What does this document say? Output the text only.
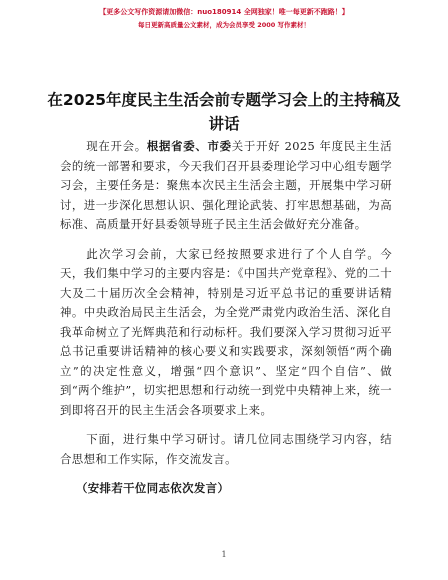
【更多公文写作资源请加微信：nuo180914 全网独家！唯一每更新不跑路！】
每日更新高质量公文素材，成为会员享受 2000 写作素材！
在2025年度民主生活会前专题学习会上的主持稿及讲话

现在开会。根据省委、市委关于开好 2025 年度民主生活会的统一部署和要求，今天我们召开县委理论学习中心组专题学习会，主要任务是：聚焦本次民主生活会主题，开展集中学习研讨，进一步深化思想认识、强化理论武装、打牢思想基础，为高标准、高质量开好县委领导班子民主生活会做好充分准备。

此次学习会前，大家已经按照要求进行了个人自学。今天，我们集中学习的主要内容是：《中国共产党章程》、党的二十大及二十届历次全会精神，特别是习近平总书记的重要讲话精神。中央政治局民主生活会，为全党严肃党内政治生活、深化自我革命树立了光辉典范和行动标杆。我们要深入学习贯彻习近平总书记重要讲话精神的核心要义和实践要求，深刻领悟“两个确立”的决定性意义，增强“四个意识”、坚定“四个自信”、做到“两个维护”，切实把思想和行动统一到党中央精神上来，统一到即将召开的民主生活会各项要求上来。

下面，进行集中学习研讨。请几位同志围绕学习内容，结合思想和工作实际，作交流发言。

（安排若干位同志依次发言）
1
